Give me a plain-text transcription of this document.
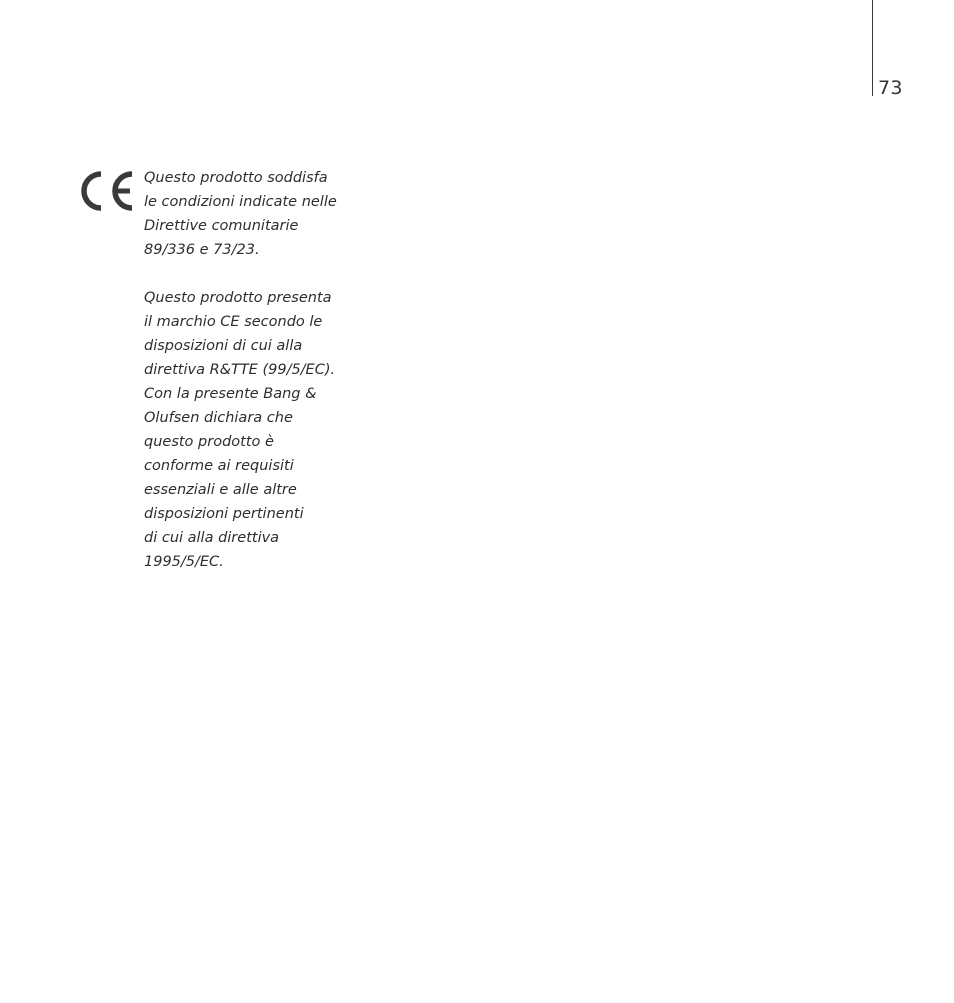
73

Questo prodotto soddisfa
le condizioni indicate nelle
Direttive comunitarie
89/336 e 73/23.

Questo prodotto presenta
il marchio CE secondo le
disposizioni di cui alla
direttiva R&TTE (99/5/EC).
Con la presente Bang &
Olufsen dichiara che
questo prodotto è
conforme ai requisiti
essenziali e alle altre
disposizioni pertinenti
di cui alla direttiva
1995/5/EC.
